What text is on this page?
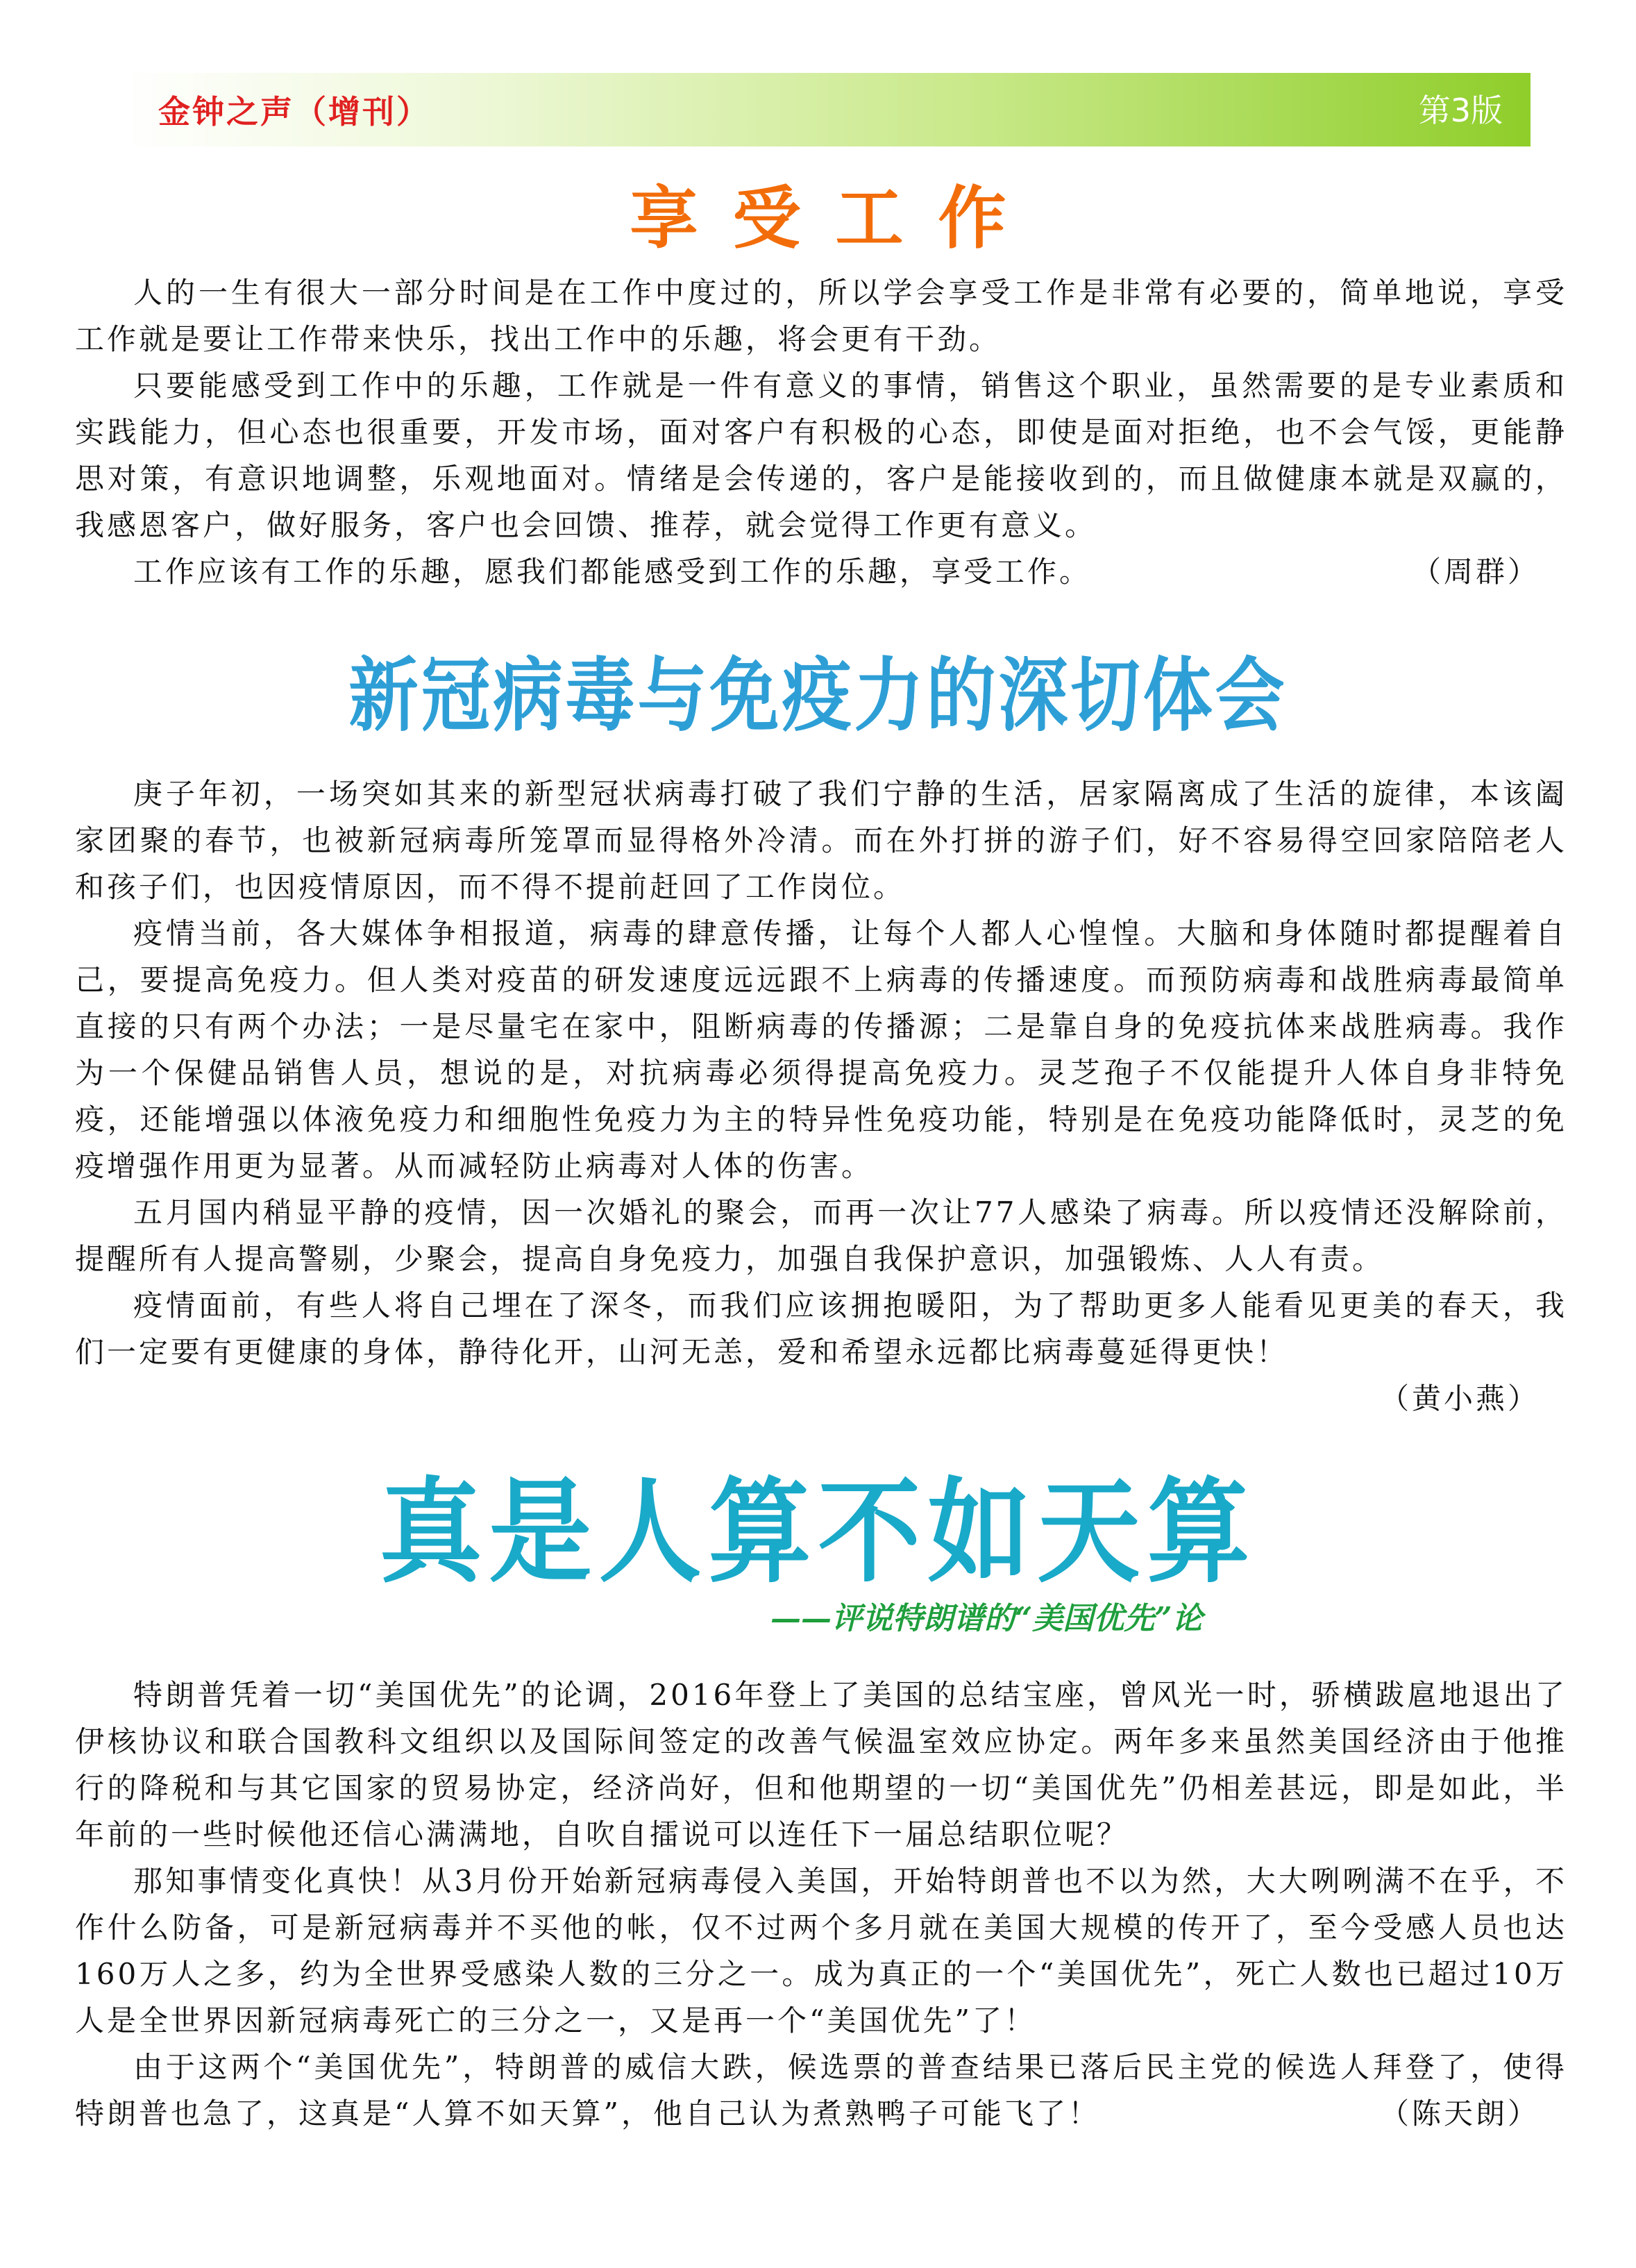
金钟之声（增刊）	第3版
享受工作

人的一生有很大一部分时间是在工作中度过的，所以学会享受工作是非常有必要的，简单地说，享受工作就是要让工作带来快乐，找出工作中的乐趣，将会更有干劲。

只要能感受到工作中的乐趣，工作就是一件有意义的事情，销售这个职业，虽然需要的是专业素质和实践能力，但心态也很重要，开发市场，面对客户有积极的心态，即使是面对拒绝，也不会气馁，更能静思对策，有意识地调整，乐观地面对。情绪是会传递的，客户是能接收到的，而且做健康本就是双赢的，我感恩客户，做好服务，客户也会回馈、推荐，就会觉得工作更有意义。

工作应该有工作的乐趣，愿我们都能感受到工作的乐趣，享受工作。	（周群）

新冠病毒与免疫力的深切体会

庚子年初，一场突如其来的新型冠状病毒打破了我们宁静的生活，居家隔离成了生活的旋律，本该阖家团聚的春节，也被新冠病毒所笼罩而显得格外冷清。而在外打拼的游子们，好不容易得空回家陪陪老人和孩子们，也因疫情原因，而不得不提前赶回了工作岗位。

疫情当前，各大媒体争相报道，病毒的肆意传播，让每个人都人心惶惶。大脑和身体随时都提醒着自己，要提高免疫力。但人类对疫苗的研发速度远远跟不上病毒的传播速度。而预防病毒和战胜病毒最简单直接的只有两个办法；一是尽量宅在家中，阻断病毒的传播源；二是靠自身的免疫抗体来战胜病毒。我作为一个保健品销售人员，想说的是，对抗病毒必须得提高免疫力。灵芝孢子不仅能提升人体自身非特免疫，还能增强以体液免疫力和细胞性免疫力为主的特异性免疫功能，特别是在免疫功能降低时，灵芝的免疫增强作用更为显著。从而减轻防止病毒对人体的伤害。

五月国内稍显平静的疫情，因一次婚礼的聚会，而再一次让77人感染了病毒。所以疫情还没解除前，提醒所有人提高警剔，少聚会，提高自身免疫力，加强自我保护意识，加强锻炼、人人有责。

疫情面前，有些人将自己埋在了深冬，而我们应该拥抱暖阳，为了帮助更多人能看见更美的春天，我们一定要有更健康的身体，静待化开，山河无恙，爱和希望永远都比病毒蔓延得更快！

（黄小燕）

真是人算不如天算
——评说特朗谱的“美国优先”论

特朗普凭着一切“美国优先”的论调，2016年登上了美国的总结宝座，曾风光一时，骄横跋扈地退出了伊核协议和联合国教科文组织以及国际间签定的改善气候温室效应协定。两年多来虽然美国经济由于他推行的降税和与其它国家的贸易协定，经济尚好，但和他期望的一切“美国优先”仍相差甚远，即是如此，半年前的一些时候他还信心满满地，自吹自擂说可以连任下一届总结职位呢？

那知事情变化真快！从3月份开始新冠病毒侵入美国，开始特朗普也不以为然，大大咧咧满不在乎，不作什么防备，可是新冠病毒并不买他的帐，仅不过两个多月就在美国大规模的传开了，至今受感人员也达160万人之多，约为全世界受感染人数的三分之一。成为真正的一个“美国优先”，死亡人数也已超过10万人是全世界因新冠病毒死亡的三分之一，又是再一个“美国优先”了！

由于这两个“美国优先”，特朗普的威信大跌，候选票的普查结果已落后民主党的候选人拜登了，使得特朗普也急了，这真是“人算不如天算”，他自己认为煮熟鸭子可能飞了！	（陈天朗）
